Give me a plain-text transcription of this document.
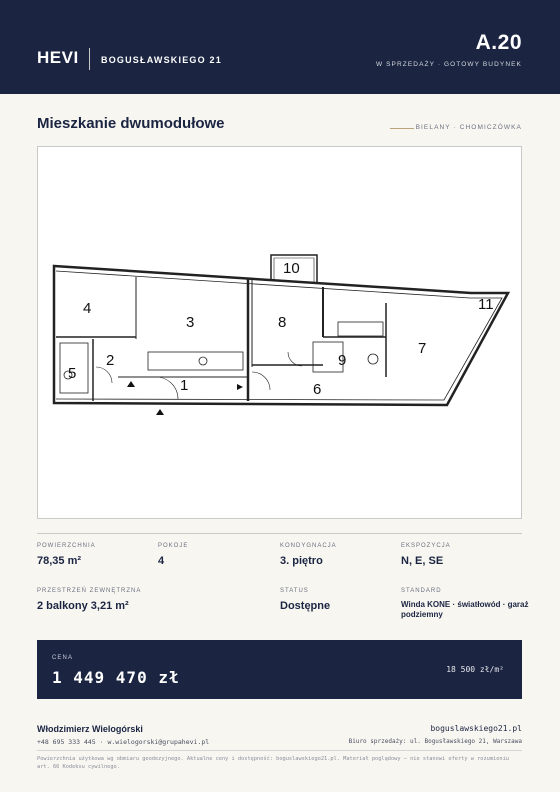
HEVI BOGUSŁAWSKIEGO 21
A.20
W SPRZEDAŻY · GOTOWY BUDYNEK
Mieszkanie dwumodułowe	BIELANY · CHOMICZÓWKA
1
2
3
4
5
6
7
8
9
10
11
POWIERZCHNIA
78,35 m²
POKOJE
4
KONDYGNACJA
3. piętro
EKSPOZYCJA
N, E, SE
PRZESTRZEŃ ZEWNĘTRZNA
2 balkony 3,21 m²
STATUS
Dostępne
STANDARD
Winda KONE · światłowód · garaż podziemny
CENA
1 449 470 zł	18 500 zł/m²
Włodzimierz Wielogórski
+48 695 333 445 · w.wielogorski@grupahevi.pl
boguslawskiego21.pl
Biuro sprzedaży: ul. Bogusławskiego 21, Warszawa
Powierzchnia użytkowa wg obmiaru geodezyjnego. Aktualne ceny i dostępność: boguslawskiego21.pl. Materiał poglądowy — nie stanowi oferty w rozumieniu art. 66 Kodeksu cywilnego.
